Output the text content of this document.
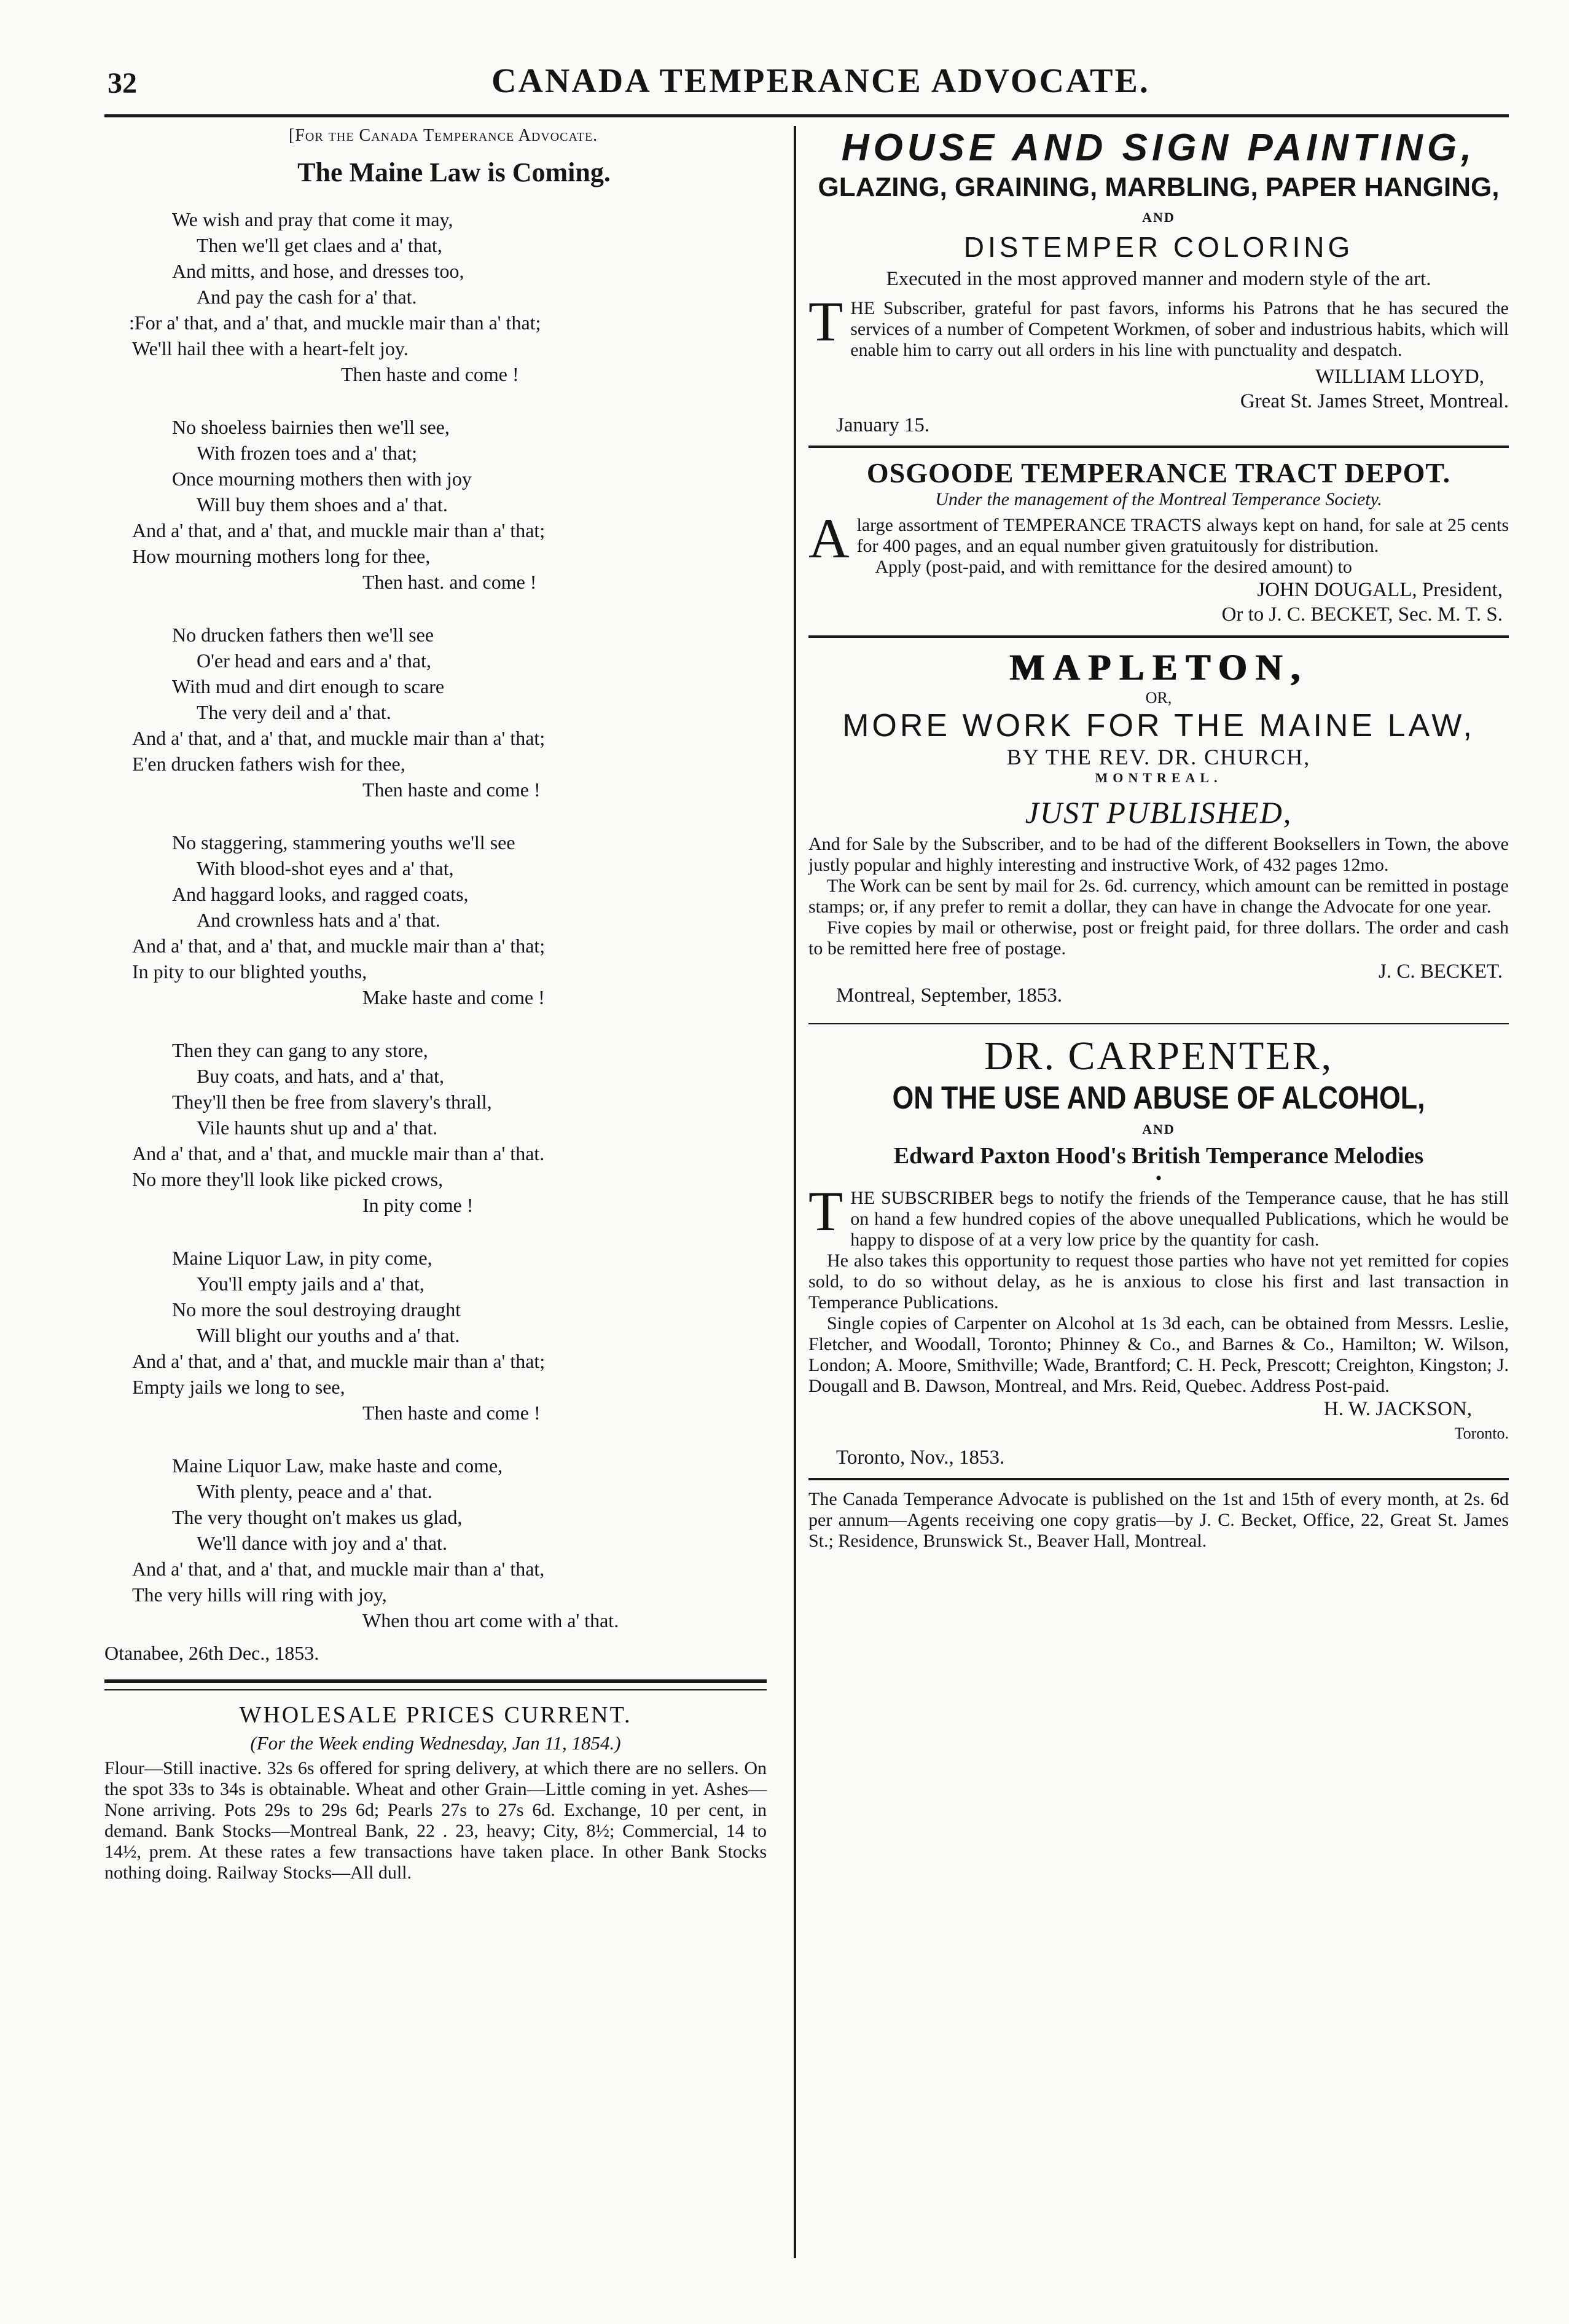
32	CANADA TEMPERANCE ADVOCATE.
[For the Canada Temperance Advocate.
The Maine Law is Coming.
We wish and pray that come it may,
Then we'll get claes and a' that,
And mitts, and hose, and dresses too,
And pay the cash for a' that.
:For a' that, and a' that, and muckle mair than a' that;
We'll hail thee with a heart-felt joy.
Then haste and come !
No shoeless bairnies then we'll see,
With frozen toes and a' that;
Once mourning mothers then with joy
Will buy them shoes and a' that.
And a' that, and a' that, and muckle mair than a' that;
How mourning mothers long for thee,
Then hast. and come !
No drucken fathers then we'll see
O'er head and ears and a' that,
With mud and dirt enough to scare
The very deil and a' that.
And a' that, and a' that, and muckle mair than a' that;
E'en drucken fathers wish for thee,
Then haste and come !
No staggering, stammering youths we'll see
With blood-shot eyes and a' that,
And haggard looks, and ragged coats,
And crownless hats and a' that.
And a' that, and a' that, and muckle mair than a' that;
In pity to our blighted youths,
Make haste and come !
Then they can gang to any store,
Buy coats, and hats, and a' that,
They'll then be free from slavery's thrall,
Vile haunts shut up and a' that.
And a' that, and a' that, and muckle mair than a' that.
No more they'll look like picked crows,
In pity come !
Maine Liquor Law, in pity come,
You'll empty jails and a' that,
No more the soul destroying draught
Will blight our youths and a' that.
And a' that, and a' that, and muckle mair than a' that;
Empty jails we long to see,
Then haste and come !
Maine Liquor Law, make haste and come,
With plenty, peace and a' that.
The very thought on't makes us glad,
We'll dance with joy and a' that.
And a' that, and a' that, and muckle mair than a' that,
The very hills will ring with joy,
When thou art come with a' that.
Otanabee, 26th Dec., 1853.
WHOLESALE PRICES CURRENT.
(For the Week ending Wednesday, Jan 11, 1854.)
Flour—Still inactive. 32s 6s offered for spring delivery, at which there are no sellers. On the spot 33s to 34s is obtainable. Wheat and other Grain—Little coming in yet. Ashes—None arriving. Pots 29s to 29s 6d; Pearls 27s to 27s 6d. Exchange, 10 per cent, in demand. Bank Stocks—Montreal Bank, 22 . 23, heavy; City, 8½; Commercial, 14 to 14½, prem. At these rates a few transactions have taken place. In other Bank Stocks nothing doing. Railway Stocks—All dull.
HOUSE AND SIGN PAINTING,
GLAZING, GRAINING, MARBLING, PAPER HANGING,
AND
DISTEMPER COLORING
Executed in the most approved manner and modern style of the art.
T HE Subscriber, grateful for past favors, informs his Patrons that he has secured the services of a number of Competent Workmen, of sober and industrious habits, which will enable him to carry out all orders in his line with punctuality and despatch.
WILLIAM LLOYD,
Great St. James Street, Montreal.
January 15.
OSGOODE TEMPERANCE TRACT DEPOT.
Under the management of the Montreal Temperance Society.
A large assortment of TEMPERANCE TRACTS always kept on hand, for sale at 25 cents for 400 pages, and an equal number given gratuitously for distribution.
Apply (post-paid, and with remittance for the desired amount) to
JOHN DOUGALL, President,
Or to J. C. BECKET, Sec. M. T. S.
MAPLETON,
OR,
MORE WORK FOR THE MAINE LAW,
BY THE REV. DR. CHURCH,
MONTREAL.
JUST PUBLISHED,
And for Sale by the Subscriber, and to be had of the different Booksellers in Town, the above justly popular and highly interesting and instructive Work, of 432 pages 12mo.
The Work can be sent by mail for 2s. 6d. currency, which amount can be remitted in postage stamps; or, if any prefer to remit a dollar, they can have in change the Advocate for one year.
Five copies by mail or otherwise, post or freight paid, for three dollars. The order and cash to be remitted here free of postage.
J. C. BECKET.
Montreal, September, 1853.
DR. CARPENTER,
ON THE USE AND ABUSE OF ALCOHOL,
AND
Edward Paxton Hood's British Temperance Melodies
•
T HE SUBSCRIBER begs to notify the friends of the Temperance cause, that he has still on hand a few hundred copies of the above unequalled Publications, which he would be happy to dispose of at a very low price by the quantity for cash.
He also takes this opportunity to request those parties who have not yet remitted for copies sold, to do so without delay, as he is anxious to close his first and last transaction in Temperance Publications.
Single copies of Carpenter on Alcohol at 1s 3d each, can be obtained from Messrs. Leslie, Fletcher, and Woodall, Toronto; Phinney & Co., and Barnes & Co., Hamilton; W. Wilson, London; A. Moore, Smithville; Wade, Brantford; C. H. Peck, Prescott; Creighton, Kingston; J. Dougall and B. Dawson, Montreal, and Mrs. Reid, Quebec. Address Post-paid.
H. W. JACKSON,
Toronto.
Toronto, Nov., 1853.
The Canada Temperance Advocate is published on the 1st and 15th of every month, at 2s. 6d per annum—Agents receiving one copy gratis—by J. C. Becket, Office, 22, Great St. James St.; Residence, Brunswick St., Beaver Hall, Montreal.
